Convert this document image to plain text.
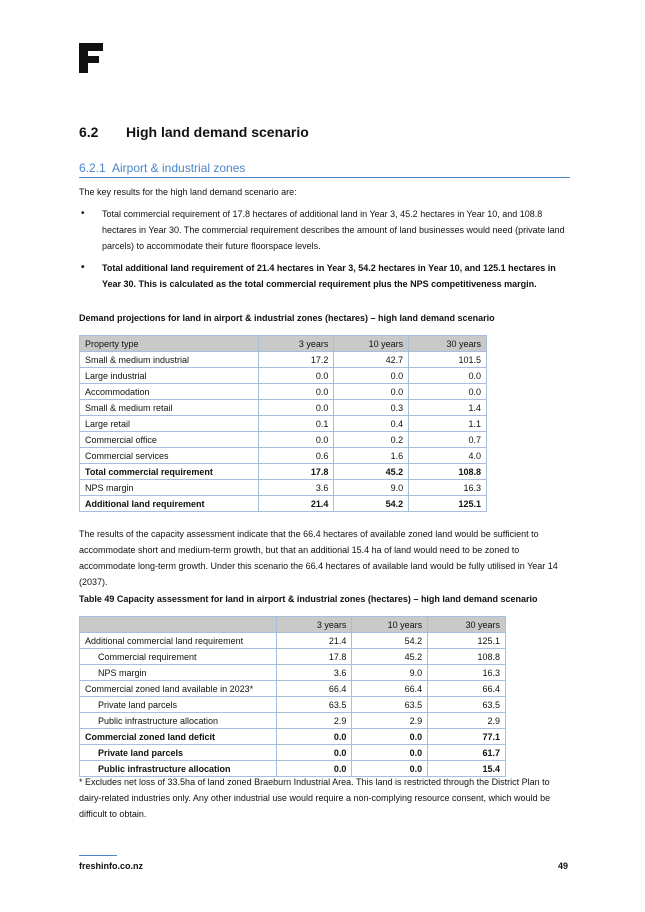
6.2 High land demand scenario
6.2.1 Airport & industrial zones
The key results for the high land demand scenario are:
• Total commercial requirement of 17.8 hectares of additional land in Year 3, 45.2 hectares in Year 10, and 108.8 hectares in Year 30. The commercial requirement describes the amount of land businesses would need (private land parcels) to accommodate their future floorspace levels.
• Total additional land requirement of 21.4 hectares in Year 3, 54.2 hectares in Year 10, and 125.1 hectares in Year 30. This is calculated as the total commercial requirement plus the NPS competitiveness margin.
Demand projections for land in airport & industrial zones (hectares) – high land demand scenario
Property type	3 years	10 years	30 years
Small & medium industrial	17.2	42.7	101.5
Large industrial	0.0	0.0	0.0
Accommodation	0.0	0.0	0.0
Small & medium retail	0.0	0.3	1.4
Large retail	0.1	0.4	1.1
Commercial office	0.0	0.2	0.7
Commercial services	0.6	1.6	4.0
Total commercial requirement	17.8	45.2	108.8
NPS margin	3.6	9.0	16.3
Additional land requirement	21.4	54.2	125.1
The results of the capacity assessment indicate that the 66.4 hectares of available zoned land would be sufficient to accommodate short and medium-term growth, but that an additional 15.4 ha of land would need to be zoned to accommodate long-term growth. Under this scenario the 66.4 hectares of available land would be fully utilised in Year 14 (2037).
Table 49 Capacity assessment for land in airport & industrial zones (hectares) – high land demand scenario
	3 years	10 years	30 years
Additional commercial land requirement	21.4	54.2	125.1
Commercial requirement	17.8	45.2	108.8
NPS margin	3.6	9.0	16.3
Commercial zoned land available in 2023*	66.4	66.4	66.4
Private land parcels	63.5	63.5	63.5
Public infrastructure allocation	2.9	2.9	2.9
Commercial zoned land deficit	0.0	0.0	77.1
Private land parcels	0.0	0.0	61.7
Public infrastructure allocation	0.0	0.0	15.4
* Excludes net loss of 33.5ha of land zoned Braeburn Industrial Area. This land is restricted through the District Plan to dairy-related industries only. Any other industrial use would require a non-complying resource consent, which would be difficult to obtain.
freshinfo.co.nz	49
